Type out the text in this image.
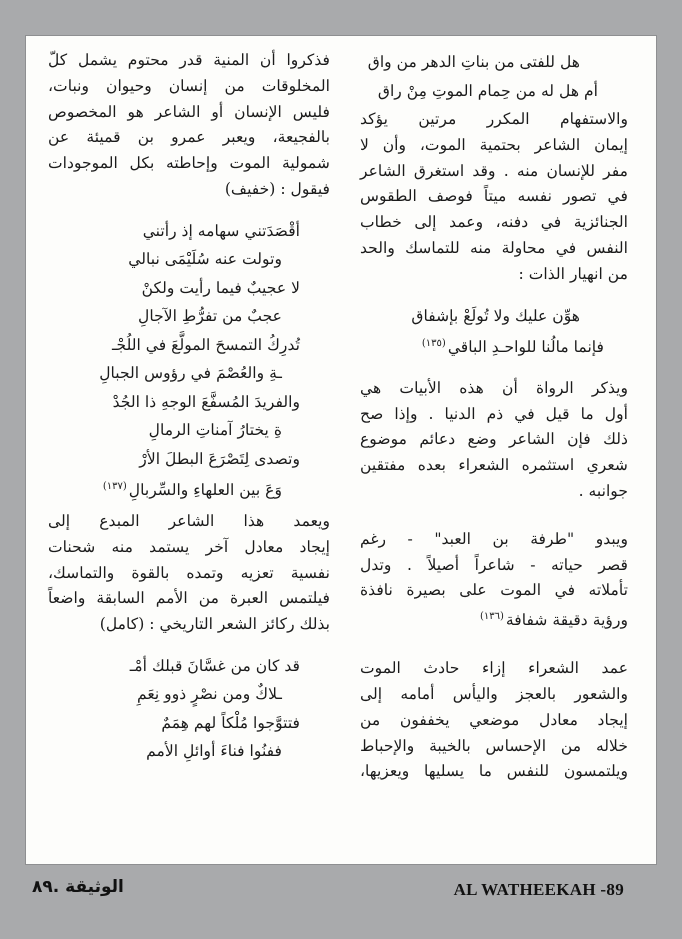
هل للفتى من بناتِ الدهر من واق
أم هل له من حِمام الموتِ مِنْ راق
والاستفهام المكرر مرتين يؤكد
إيمان الشاعر بحتمية الموت، وأن لا
مفر للإنسان منه . وقد استغرق الشاعر
في تصور نفسه ميتاً فوصف الطقوس
الجنائزية في دفنه، وعمد إلى خطاب
النفس في محاولة منه للتماسك والحد
من انهيار الذات :
هوِّن عليك ولا تُولَعْ بإشفاق
فإنما مالُنا للواحـدِ الباقي$^{(١٣٥)}$
ويذكر الرواة أن هذه الأبيات هي
أول ما قيل في ذم الدنيا . وإذا صح
ذلك فإن الشاعر وضع دعائم موضوع
شعري استثمره الشعراء بعده مفتقين
جوانبه .
ويبدو "طرفة بن العبد" - رغم
قصر حياته - شاعراً أصيلاً . وتدل
تأملاته في الموت على بصيرة نافذة
ورؤية دقيقة شفافة$^{(١٣٦)}$
عمد الشعراء إزاء حادث الموت
والشعور بالعجز واليأس أمامه إلى
إيجاد معادل موضعي يخففون من
خلاله من الإحساس بالخيبة والإحباط
ويلتمسون للنفس ما يسليها ويعزيها،
فذكروا أن المنية قدر محتوم يشمل كلّ
المخلوقات من إنسان وحيوان ونبات،
فليس الإنسان أو الشاعر هو المخصوص
بالفجيعة، ويعبر عمرو بن قميئة عن
شمولية الموت وإحاطته بكل الموجودات
فيقول : (خفيف)
أقْصَدَتني سهامه إذ رأتني
وتولت عنه سُلَيْمَى نبالي
لا عجيبٌ فيما رأيت ولكنْ
عجبٌ من تفرُّطِ الآجالِ
تُدرِكُ التمسحَ المولَّعَ في اللُجْـ
ـةِ والعُصْمَ في رؤوس الجبالِ
والفريدَ المُسفَّعَ الوجهِ ذا الجُدْ
ةِ يختارُ آمناتِ الرمالِ
وتصدى لِتَصْرَعَ البطلَ الأرْ
وَعَ بين العلهاءِ والسِّربالِ$^{(١٣٧)}$
ويعمد هذا الشاعر المبدع إلى
إيجاد معادل آخر يستمد منه شحنات
نفسية تعزيه وتمده بالقوة والتماسك،
فيلتمس العبرة من الأمم السابقة واضعاً
بذلك ركائز الشعر التاريخي : (كامل)
قد كان من غسَّانَ قبلك أمْـ
ـلاكٌ ومن نصْرٍ ذوو نِعَمِ
فتتوَّجوا مُلْكاً لهم هِمَمٌ
ففنُوا فناءَ أوائلِ الأمم
AL WATHEEKAH -89
الوثيقة .٨٩
